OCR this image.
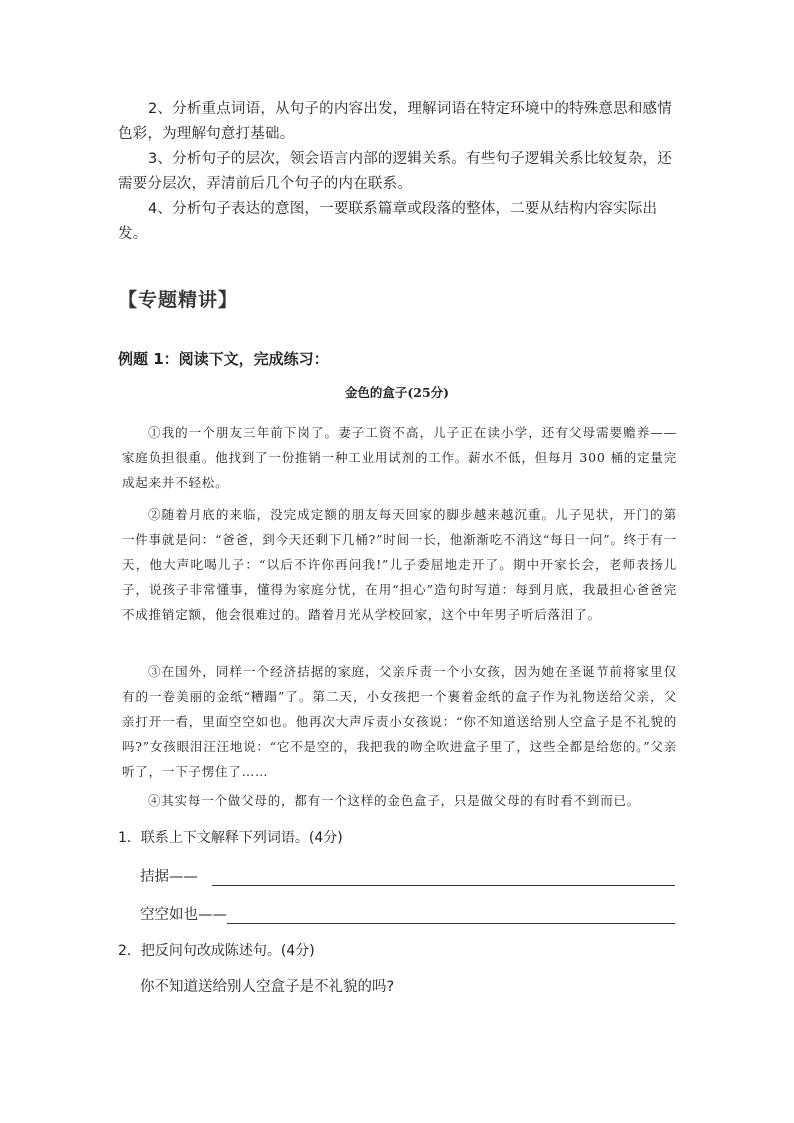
2、分析重点词语，从句子的内容出发，理解词语在特定环境中的特殊意思和感情色彩，为理解句意打基础。

3、分析句子的层次，领会语言内部的逻辑关系。有些句子逻辑关系比较复杂，还需要分层次，弄清前后几个句子的内在联系。

4、分析句子表达的意图，一要联系篇章或段落的整体，二要从结构内容实际出发。

【专题精讲】
例题 1：阅读下文，完成练习：
金色的盒子(25分)

①我的一个朋友三年前下岗了。妻子工资不高，儿子正在读小学，还有父母需要赡养——家庭负担很重。他找到了一份推销一种工业用试剂的工作。薪水不低，但每月 300 桶的定量完成起来并不轻松。

②随着月底的来临，没完成定额的朋友每天回家的脚步越来越沉重。儿子见状，开门的第一件事就是问：“爸爸，到今天还剩下几桶?”时间一长，他渐渐吃不消这“每日一问”。终于有一天，他大声叱喝儿子：“以后不许你再问我!”儿子委屈地走开了。期中开家长会，老师表扬儿子，说孩子非常懂事，懂得为家庭分忧，在用“担心”造句时写道：每到月底，我最担心爸爸完不成推销定额，他会很难过的。踏着月光从学校回家，这个中年男子听后落泪了。

③在国外，同样一个经济拮据的家庭，父亲斥责一个小女孩，因为她在圣诞节前将家里仅有的一卷美丽的金纸“糟蹋”了。第二天，小女孩把一个裹着金纸的盒子作为礼物送给父亲，父亲打开一看，里面空空如也。他再次大声斥责小女孩说：“你不知道送给别人空盒子是不礼貌的吗?”女孩眼泪汪汪地说：“它不是空的，我把我的吻全吹进盒子里了，这些全都是给您的。”父亲听了，一下子愣住了……

④其实每一个做父母的，都有一个这样的金色盒子，只是做父母的有时看不到而已。

1．联系上下文解释下列词语。(4分)

拮据——
空空如也——

2．把反问句改成陈述句。(4分)

你不知道送给别人空盒子是不礼貌的吗?
